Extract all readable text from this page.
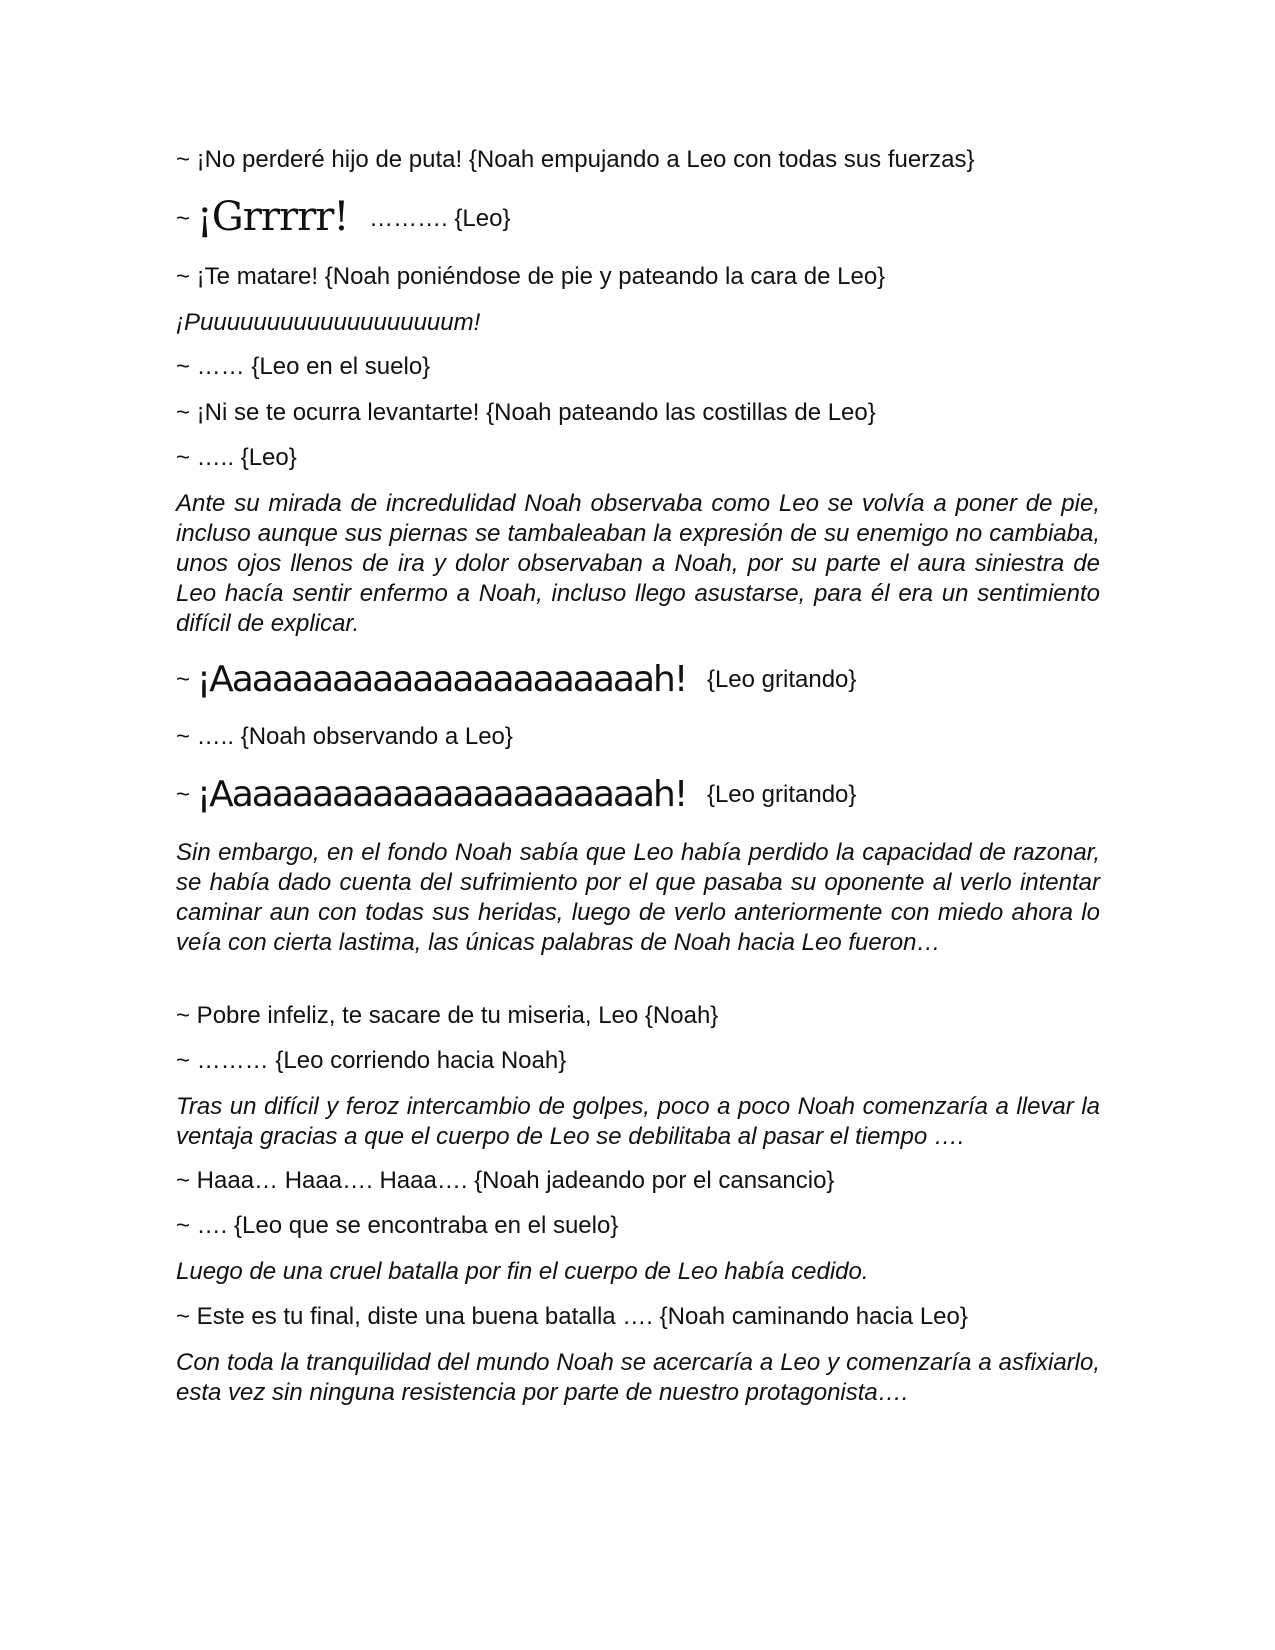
~ ¡No perderé hijo de puta! {Noah empujando a Leo con todas sus fuerzas}
~ ¡Grrrrr! ………. {Leo}
~ ¡Te matare! {Noah poniéndose de pie y pateando la cara de Leo}
¡Puuuuuuuuuuuuuuuuuuum!
~ …… {Leo en el suelo}
~ ¡Ni se te ocurra levantarte! {Noah pateando las costillas de Leo}
~ ….. {Leo}
Ante su mirada de incredulidad Noah observaba como Leo se volvía a poner de pie, incluso aunque sus piernas se tambaleaban la expresión de su enemigo no cambiaba, unos ojos llenos de ira y dolor observaban a Noah, por su parte el aura siniestra de Leo hacía sentir enfermo a Noah, incluso llego asustarse, para él era un sentimiento difícil de explicar.
~ ¡Aaaaaaaaaaaaaaaaaaaaaah! {Leo gritando}
~ ….. {Noah observando a Leo}
~ ¡Aaaaaaaaaaaaaaaaaaaaaah! {Leo gritando}
Sin embargo, en el fondo Noah sabía que Leo había perdido la capacidad de razonar, se había dado cuenta del sufrimiento por el que pasaba su oponente al verlo intentar caminar aun con todas sus heridas, luego de verlo anteriormente con miedo ahora lo veía con cierta lastima, las únicas palabras de Noah hacia Leo fueron…
~ Pobre infeliz, te sacare de tu miseria, Leo {Noah}
~ ……… {Leo corriendo hacia Noah}
Tras un difícil y feroz intercambio de golpes, poco a poco Noah comenzaría a llevar la ventaja gracias a que el cuerpo de Leo se debilitaba al pasar el tiempo ….
~ Haaa… Haaa…. Haaa…. {Noah jadeando por el cansancio}
~ …. {Leo que se encontraba en el suelo}
Luego de una cruel batalla por fin el cuerpo de Leo había cedido.
~ Este es tu final, diste una buena batalla …. {Noah caminando hacia Leo}
Con toda la tranquilidad del mundo Noah se acercaría a Leo y comenzaría a asfixiarlo, esta vez sin ninguna resistencia por parte de nuestro protagonista….
